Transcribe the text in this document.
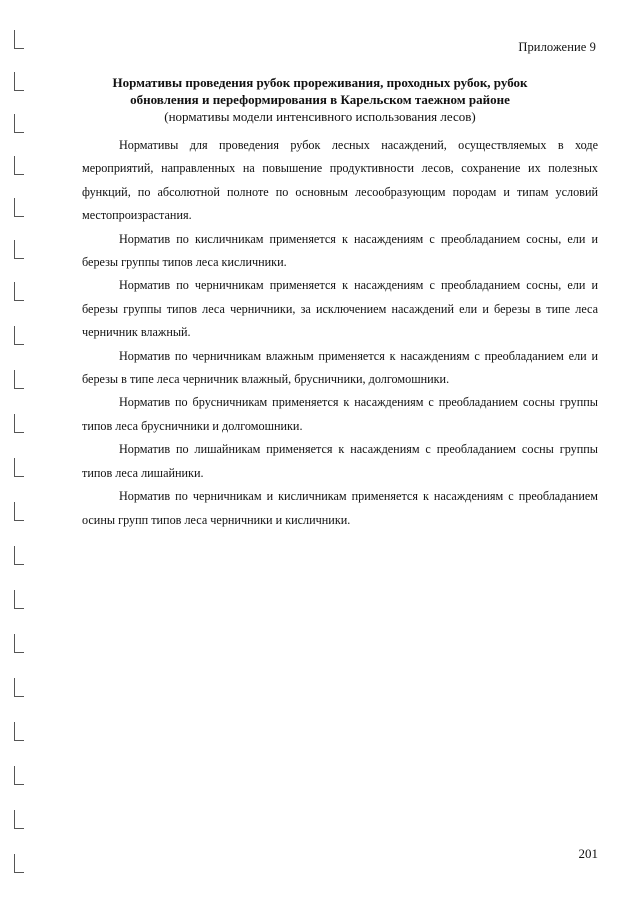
Приложение 9
Нормативы проведения рубок прореживания, проходных рубок, рубок
обновления и переформирования в Карельском таежном районе
(нормативы модели интенсивного использования лесов)

Нормативы для проведения рубок лесных насаждений, осуществляемых в ходе мероприятий, направленных на повышение продуктивности лесов, сохранение их полезных функций, по абсолютной полноте по основным лесообразующим породам и типам условий местопроизрастания.

Норматив по кисличникам применяется к насаждениям с преобладанием сосны, ели и березы группы типов леса кисличники.

Норматив по черничникам применяется к насаждениям с преобладанием сосны, ели и березы группы типов леса черничники, за исключением насаждений ели и березы в типе леса черничник влажный.

Норматив по черничникам влажным применяется к насаждениям с преобладанием ели и березы в типе леса черничник влажный, брусничники, долгомошники.

Норматив по брусничникам применяется к насаждениям с преобладанием сосны группы типов леса брусничники и долгомошники.

Норматив по лишайникам применяется к насаждениям с преобладанием сосны группы типов леса лишайники.

Норматив по черничникам и кисличникам применяется к насаждениям с преобладанием осины групп типов леса черничники и кисличники.

201
